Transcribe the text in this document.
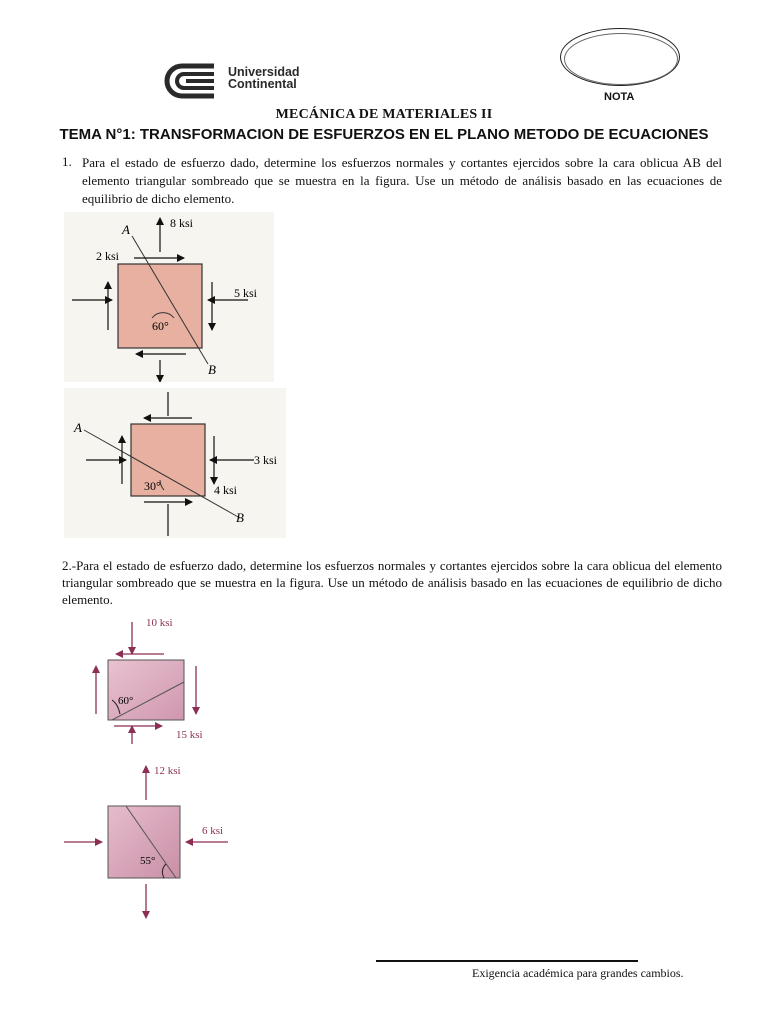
Universidad
Continental
NOTA
MECÁNICA DE MATERIALES II
TEMA N°1: TRANSFORMACION DE ESFUERZOS EN EL PLANO METODO DE ECUACIONES
1. Para el estado de esfuerzo dado, determine los esfuerzos normales y cortantes ejercidos sobre la cara oblicua AB del elemento triangular sombreado que se muestra en la figura. Use un método de análisis basado en las ecuaciones de equilibrio de dicho elemento.
A
B
8 ksi
2 ksi
5 ksi
60°
A
B
3 ksi
4 ksi
30°
2.-Para el estado de esfuerzo dado, determine los esfuerzos normales y cortantes ejercidos sobre la cara oblicua del elemento triangular sombreado que se muestra en la figura. Use un método de análisis basado en las ecuaciones de equilibrio de dicho elemento.
10 ksi
15 ksi
60°
12 ksi
6 ksi
55°
Exigencia académica para grandes cambios.
